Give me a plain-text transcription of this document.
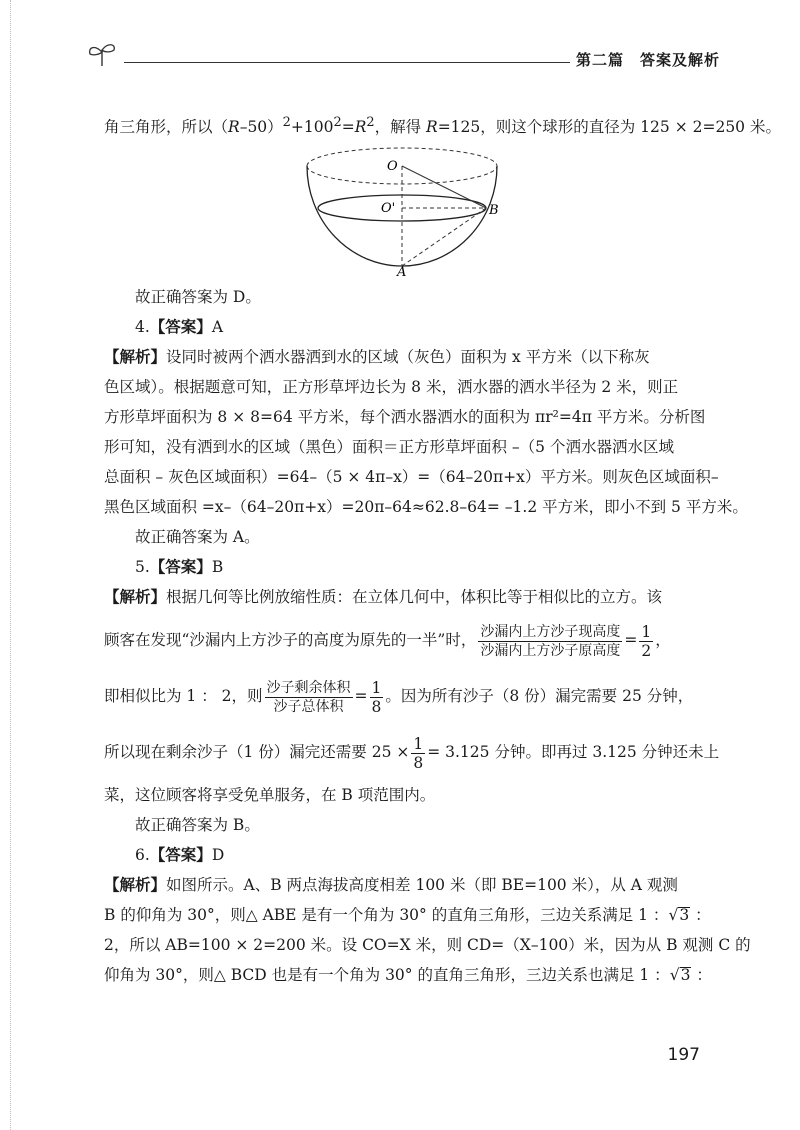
第二篇　答案及解析

角三角形，所以$(R-50)^2+100^2=R^2$，解得 R=125，则这个球形的直径为 125 × 2=250 米。

O
O'	B
A

故正确答案为 D。

4.【答案】A

【解析】设同时被两个洒水器洒到水的区域（灰色）面积为 x 平方米（以下称灰

色区域）。根据题意可知，正方形草坪边长为 8 米，洒水器的洒水半径为 2 米，则正

方形草坪面积为 8 × 8=64 平方米，每个洒水器洒水的面积为 πr²=4π 平方米。分析图

形可知，没有洒到水的区域（黑色）面积＝正方形草坪面积 –（5 个洒水器洒水区域

总面积 – 灰色区域面积）=64–（5 × 4π–x）=（64–20π+x）平方米。则灰色区域面积–

黑色区域面积 =x–（64–20π+x）=20π–64≈62.8–64= –1.2 平方米，即小不到 5 平方米。

故正确答案为 A。

5.【答案】B

【解析】根据几何等比例放缩性质：在立体几何中，体积比等于相似比的立方。该

顾客在发现“沙漏内上方沙子的高度为原先的一半”时， $\frac{\text{沙漏内上方沙子现高度}}{\text{沙漏内上方沙子原高度}} = \frac{1}{2}$ ，

即相似比为 1 ： 2，则 $\frac{\text{沙子剩余体积}}{\text{沙子总体积}} = \frac{1}{8}$ 。因为所有沙子（8 份）漏完需要 25 分钟，

所以现在剩余沙子（1 份）漏完还需要 $25 \times \frac{1}{8} = 3.125$ 分钟。即再过 3.125 分钟还未上

菜，这位顾客将享受免单服务，在 B 项范围内。

故正确答案为 B。

6.【答案】D

【解析】如图所示。A、B 两点海拔高度相差 100 米（即 BE=100 米），从 A 观测

B 的仰角为 30°，则△ ABE 是有一个角为 30° 的直角三角形，三边关系满足 1 ：√3 ：

2，所以 AB=100 × 2=200 米。设 CO=X 米，则 CD=（X–100）米，因为从 B 观测 C 的

仰角为 30°，则△ BCD 也是有一个角为 30° 的直角三角形，三边关系也满足 1 ：√3 ：

197
